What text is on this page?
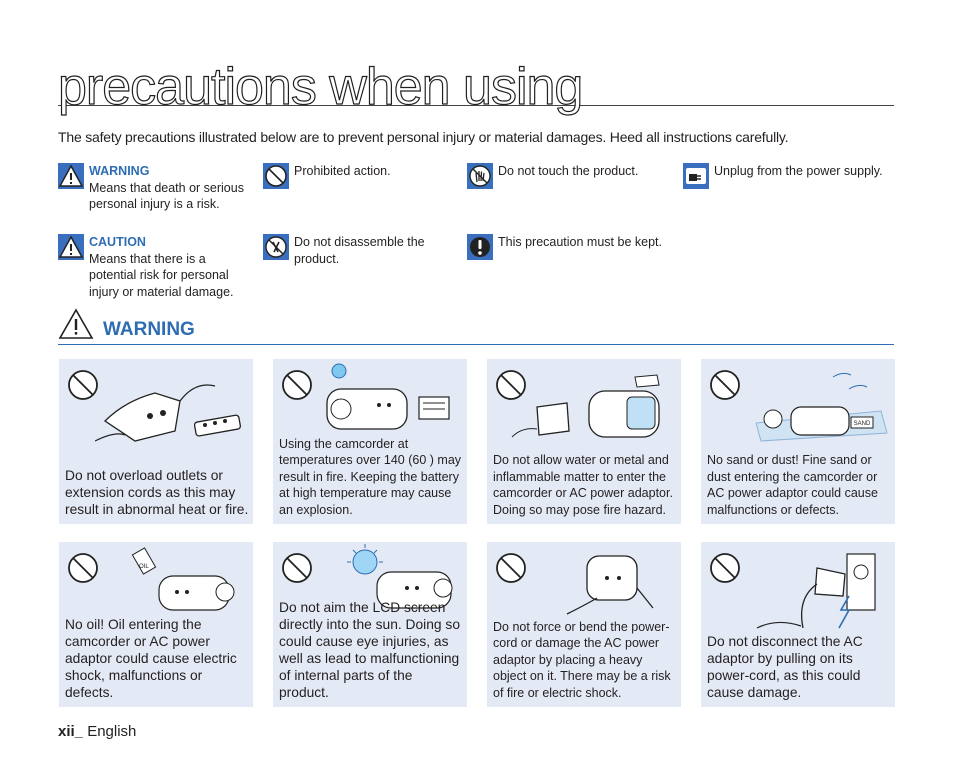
precautions when using
The safety precautions illustrated below are to prevent personal injury or material damages. Heed all instructions carefully.
WARNING
Means that death or serious personal injury is a risk.
Prohibited action.	Do not touch the product.	Unplug from the power supply.
CAUTION
Means that there is a potential risk for personal injury or material damage.
Do not disassemble the product.
This precaution must be kept.
WARNING
Do not overload outlets or extension cords as this may result in abnormal heat or fire.
Using the camcorder at temperatures over 140 (60 ) may result in fire. Keeping the battery at high temperature may cause an explosion.
Do not allow water or metal and inflammable matter to enter the camcorder or AC power adaptor. Doing so may pose fire hazard.
SAND
No sand or dust! Fine sand or dust entering the camcorder or AC power adaptor could cause malfunctions or defects.
OIL
No oil! Oil entering the camcorder or AC power adaptor could cause electric shock, malfunctions or defects.
Do not aim the LCD screen directly into the sun. Doing so could cause eye injuries, as well as lead to malfunctioning of internal parts of the product.
Do not force or bend the power-cord or damage the AC power adaptor by placing a heavy object on it. There may be a risk of fire or electric shock.
Do not disconnect the AC adaptor by pulling on its power-cord, as this could cause damage.
xii_ English
